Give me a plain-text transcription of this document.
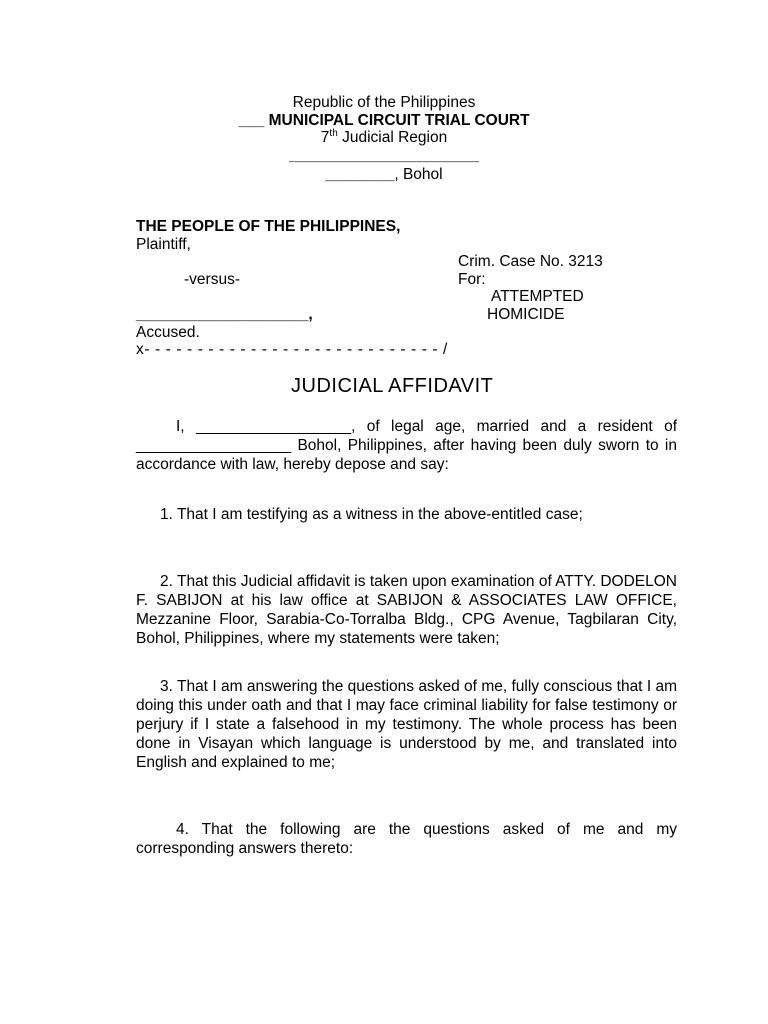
Republic of the Philippines
___ MUNICIPAL CIRCUIT TRIAL COURT
7th Judicial Region
______________________
________, Bohol
THE PEOPLE OF THE PHILIPPINES,
Plaintiff,
-versus-
____________________,
Accused.
x- - - - - - - - - - - - - - - - - - - - - - - - - - - - /
Crim. Case No. 3213
For:
ATTEMPTED
HOMICIDE
JUDICIAL AFFIDAVIT
I, __________________, of legal age, married and a resident of __________________ Bohol, Philippines, after having been duly sworn to in accordance with law, hereby depose and say:
1. That I am testifying as a witness in the above-entitled case;
2. That this Judicial affidavit is taken upon examination of ATTY. DODELON F. SABIJON at his law office at SABIJON & ASSOCIATES LAW OFFICE, Mezzanine Floor, Sarabia-Co-Torralba Bldg., CPG Avenue, Tagbilaran City, Bohol, Philippines, where my statements were taken;
3. That I am answering the questions asked of me, fully conscious that I am doing this under oath and that I may face criminal liability for false testimony or perjury if I state a falsehood in my testimony. The whole process has been done in Visayan which language is understood by me, and translated into English and explained to me;
4. That the following are the questions asked of me and my corresponding answers thereto:
